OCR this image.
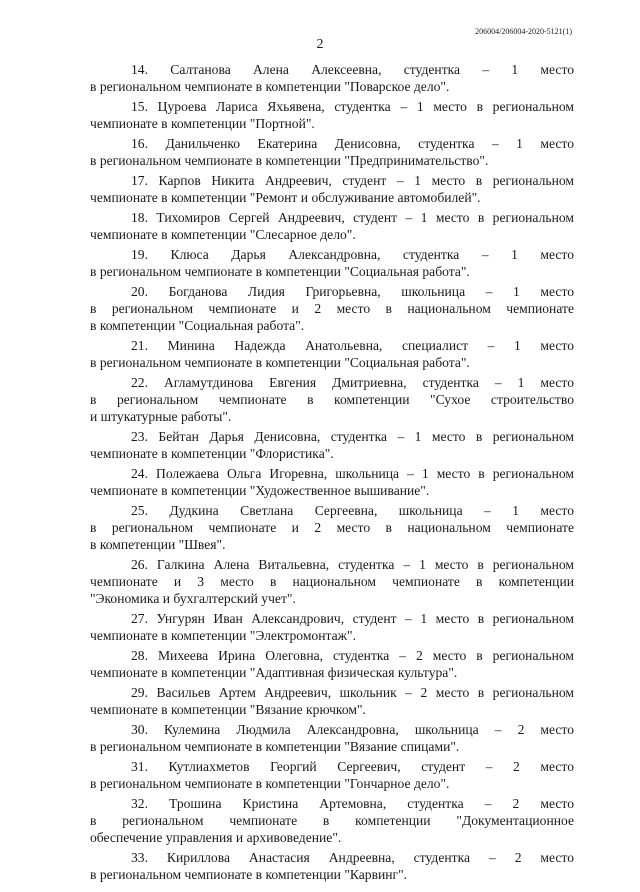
206004/206004-2020-5121(1)
2
14. Салтанова Алена Алексеевна, студентка – 1 место
в региональном чемпионате в компетенции "Поварское дело".
15. Цуроева Лариса Яхьявена, студентка – 1 место в региональном
чемпионате в компетенции "Портной".
16. Данильченко Екатерина Денисовна, студентка – 1 место
в региональном чемпионате в компетенции "Предпринимательство".
17. Карпов Никита Андреевич, студент – 1 место в региональном
чемпионате в компетенции "Ремонт и обслуживание автомобилей".
18. Тихомиров Сергей Андреевич, студент – 1 место в региональном
чемпионате в компетенции "Слесарное дело".
19. Клюса Дарья Александровна, студентка – 1 место
в региональном чемпионате в компетенции "Социальная работа".
20. Богданова Лидия Григорьевна, школьница – 1 место
в региональном чемпионате и 2 место в национальном чемпионате
в компетенции "Социальная работа".
21. Минина Надежда Анатольевна, специалист – 1 место
в региональном чемпионате в компетенции "Социальная работа".
22. Агламутдинова Евгения Дмитриевна, студентка – 1 место
в региональном чемпионате в компетенции "Сухое строительство
и штукатурные работы".
23. Бейтан Дарья Денисовна, студентка – 1 место в региональном
чемпионате в компетенции "Флористика".
24. Полежаева Ольга Игоревна, школьница – 1 место в региональном
чемпионате в компетенции "Художественное вышивание".
25. Дудкина Светлана Сергеевна, школьница – 1 место
в региональном чемпионате и 2 место в национальном чемпионате
в компетенции "Швея".
26. Галкина Алена Витальевна, студентка – 1 место в региональном
чемпионате и 3 место в национальном чемпионате в компетенции
"Экономика и бухгалтерский учет".
27. Унгурян Иван Александрович, студент – 1 место в региональном
чемпионате в компетенции "Электромонтаж".
28. Михеева Ирина Олеговна, студентка – 2 место в региональном
чемпионате в компетенции "Адаптивная физическая культура".
29. Васильев Артем Андреевич, школьник – 2 место в региональном
чемпионате в компетенции "Вязание крючком".
30. Кулемина Людмила Александровна, школьница – 2 место
в региональном чемпионате в компетенции "Вязание спицами".
31. Кутлиахметов Георгий Сергеевич, студент – 2 место
в региональном чемпионате в компетенции "Гончарное дело".
32. Трошина Кристина Артемовна, студентка – 2 место
в региональном чемпионате в компетенции "Документационное
обеспечение управления и архивоведение".
33. Кириллова Анастасия Андреевна, студентка – 2 место
в региональном чемпионате в компетенции "Карвинг".
